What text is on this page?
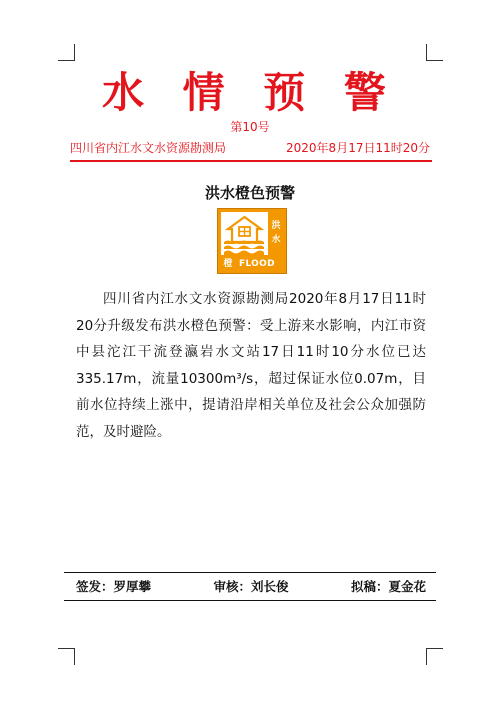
水 情 预 警
第10号
四川省内江水文水资源勘测局	2020年8月17日11时20分
洪水橙色预警
洪水
橙 FLOOD
四川省内江水文水资源勘测局2020年8月17日11时20分升级发布洪水橙色预警：受上游来水影响，内江市资中县沱江干流登瀛岩水文站17日11时10分水位已达335.17m，流量10300m³/s，超过保证水位0.07m，目前水位持续上涨中，提请沿岸相关单位及社会公众加强防范，及时避险。
签发：罗厚攀	审核：刘长俊	拟稿：夏金花
